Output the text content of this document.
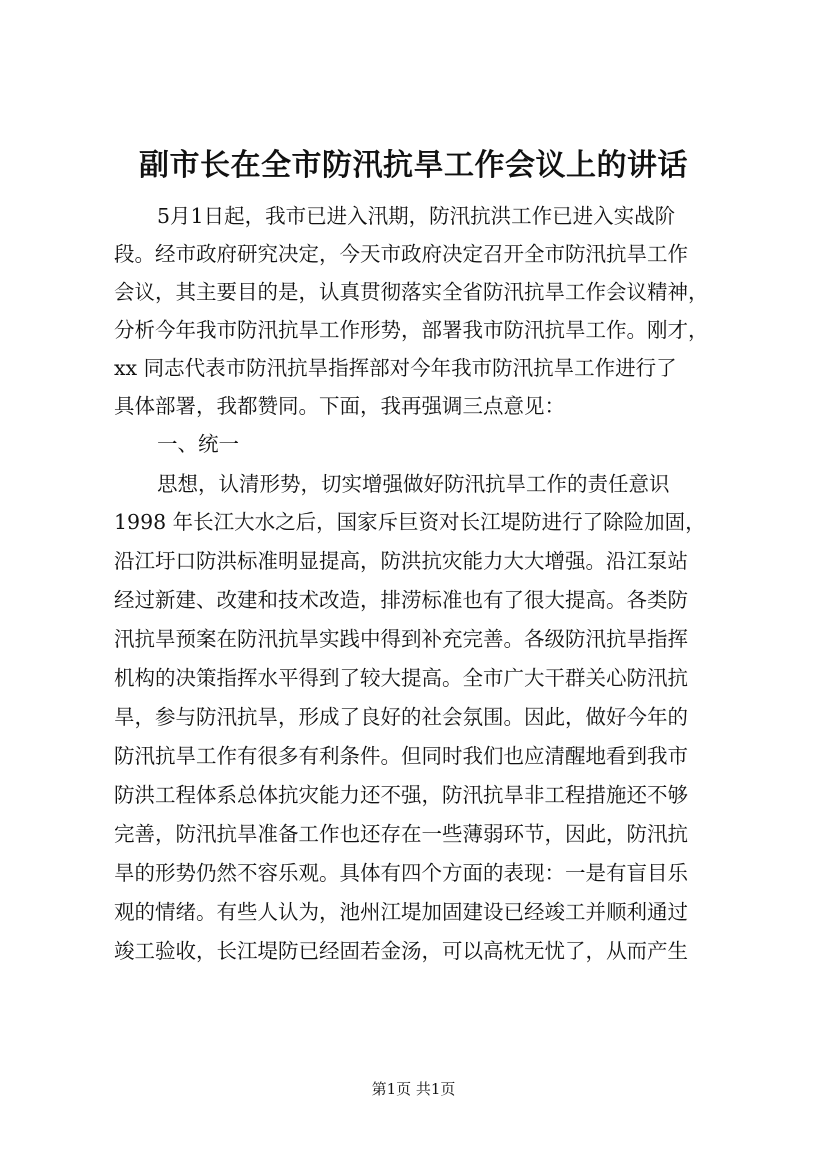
副市长在全市防汛抗旱工作会议上的讲话
5月1日起，我市已进入汛期，防汛抗洪工作已进入实战阶
段。经市政府研究决定，今天市政府决定召开全市防汛抗旱工作
会议，其主要目的是，认真贯彻落实全省防汛抗旱工作会议精神，
分析今年我市防汛抗旱工作形势，部署我市防汛抗旱工作。刚才，
xx 同志代表市防汛抗旱指挥部对今年我市防汛抗旱工作进行了
具体部署，我都赞同。下面，我再强调三点意见：
一、统一
思想，认清形势，切实增强做好防汛抗旱工作的责任意识
1998 年长江大水之后，国家斥巨资对长江堤防进行了除险加固，
沿江圩口防洪标准明显提高，防洪抗灾能力大大增强。沿江泵站
经过新建、改建和技术改造，排涝标准也有了很大提高。各类防
汛抗旱预案在防汛抗旱实践中得到补充完善。各级防汛抗旱指挥
机构的决策指挥水平得到了较大提高。全市广大干群关心防汛抗
旱，参与防汛抗旱，形成了良好的社会氛围。因此，做好今年的
防汛抗旱工作有很多有利条件。但同时我们也应清醒地看到我市
防洪工程体系总体抗灾能力还不强，防汛抗旱非工程措施还不够
完善，防汛抗旱准备工作也还存在一些薄弱环节，因此，防汛抗
旱的形势仍然不容乐观。具体有四个方面的表现：一是有盲目乐
观的情绪。有些人认为，池州江堤加固建设已经竣工并顺利通过
竣工验收，长江堤防已经固若金汤，可以高枕无忧了，从而产生
第1页 共1页
